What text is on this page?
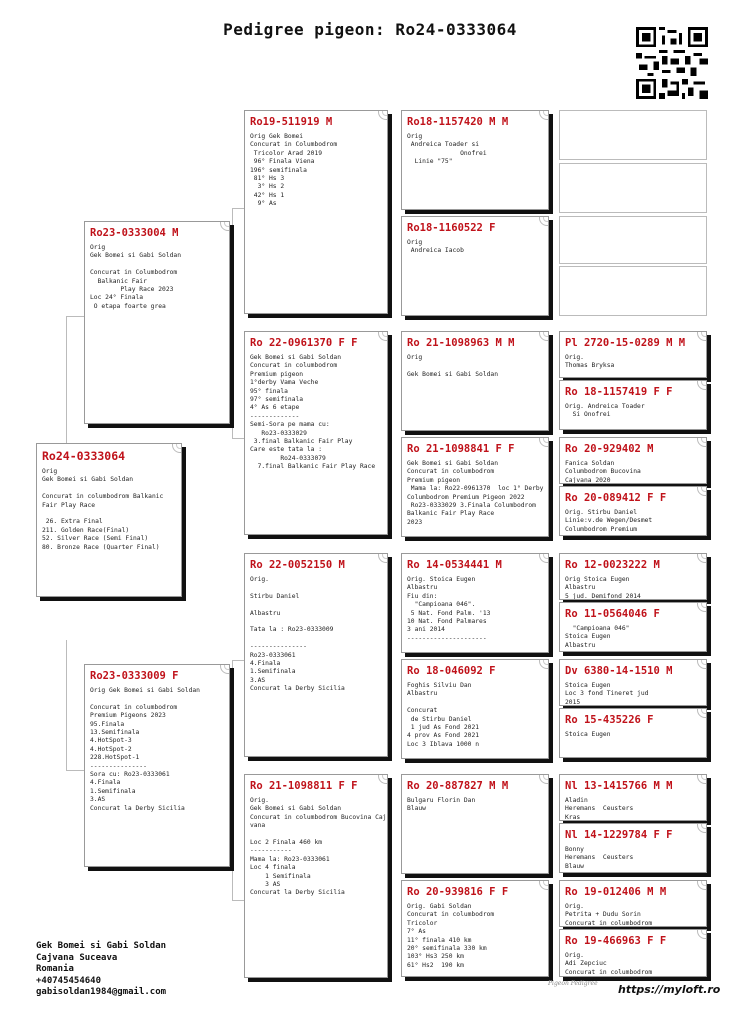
Pedigree pigeon: Ro24-0333064
Ro24-0333064
Orig
Gek Bomei si Gabi Soldan

Concurat in columbodrom Balkanic
Fair Play Race

26. Extra Final
211. Golden Race(Final)
52. Silver Race (Semi Final)
80. Bronze Race (Quarter Final)
Ro23-0333004 M
Orig
Gek Bomei si Gabi Soldan

Concurat in Columbodrom
Balkanic Fair
Play Race 2023
Loc 24° Finala
O etapa foarte grea
Ro23-0333009 F
Orig Gek Bomei si Gabi Soldan

Concurat in columbodrom
Premium Pigeons 2023
95.Finala
13.Semifinala
4.HotSpot-3
4.HotSpot-2
228.HotSpot-1
---------------
Sora cu: Ro23-0333061
4.Finala
1.Semifinala
3.AS
Concurat la Derby Sicilia
Ro19-511919 M
Orig Gek Bomei
Concurat in Columbodrom
Tricolor Arad 2019
96° Finala Viena
196° semifinala
81° Hs 3
3° Hs 2
42° Hs 1
9° As
Ro 22-0961370 F F
Gek Bomei si Gabi Soldan
Concurat in columbodrom
Premium pigeon
1°derby Vama Veche
95° finala
97° semifinala
4° As 6 etape
-------------
Semi-Sora pe mama cu:
Ro23-0333029
3.final Balkanic Fair Play
Care este tata la :
Ro24-0333079
7.final Balkanic Fair Play Race
Ro 22-0052150 M
Orig.

Stirbu Daniel

Albastru

Tata la : Ro23-0333009

---------------
Ro23-0333061
4.Finala
1.Semifinala
3.AS
Concurat la Derby Sicilia
Ro 21-1098811 F F
Orig.
Gek Bomei si Gabi Soldan
Concurat in columbodrom Bucovina Caj
vana

Loc 2 Finala 460 km
-----------
Mama la: Ro23-0333061
Loc 4 finala
1 Semifinala
3 AS
Concurat la Derby Sicilia
Ro18-1157420 M M
Orig
Andreica Toader si
Onofrei
Linie "75"
Ro18-1160522 F
Orig
Andreica Iacob
Ro 21-1098963 M M
Orig

Gek Bomei si Gabi Soldan
Ro 21-1098841 F F
Gek Bomei si Gabi Soldan
Concurat in columbodrom
Premium pigeon
Mama la: Ro22-0961370  loc 1° Derby
Columbodrom Premium Pigeon 2022
Ro23-0333029 3.Finala Columbodrom
Balkanic Fair Play Race
2023
Ro 14-0534441 M
Orig. Stoica Eugen
Albastru
Fiu din:
"Campioana 046".
5 Nat. Fond Palm. '13
10 Nat. Fond Palmares
3 ani 2014
---------------------
Ro 18-046092 F
Foghis Silviu Dan
Albastru

Concurat
de Stirbu Daniel
1 jud As Fond 2021
4 prov As Fond 2021
Loc 3 Iblava 1000 n
Ro 20-887827 M M
Bulgaru Florin Dan
Blauw
Ro 20-939816 F F
Orig. Gabi Soldan
Concurat in columbodrom
Tricolor
7° As
11° finala 410 km
20° semifinala 330 km
103° Hs3 250 km
61° Hs2  190 km
Pl 2720-15-0289 M M
Orig.
Thomas Bryksa
Ro 18-1157419 F F
Orig. Andreica Toader
Si Onofrei
Ro 20-929402 M
Fanica Soldan
Columbodrom Bucovina
Cajvana 2020
Ro 20-089412 F F
Orig. Stirbu Daniel
Linie:v.de Wegen/Desmet
Columbodrom Premium
Ro 12-0023222 M
Orig Stoica Eugen
Albastru
5 jud. Demifond 2014
Ro 11-0564046 F
"Campioana 046"
Stoica Eugen
Albastru
Dv 6380-14-1510 M
Stoica Eugen
Loc 3 fond Tineret jud
2015
Ro 15-435226 F
Stoica Eugen
Nl 13-1415766 M M
Aladin
Heremans  Ceusters
Kras
Nl 14-1229784 F F
Bonny
Heremans  Ceusters
Blauw
Ro 19-012406 M M
Orig.
Petrita + Dudu Sorin
Concurat in columbodrom
Ro 19-466963 F F
Orig.
Adi Zepciuc
Concurat in columbodrom
Gek Bomei si Gabi Soldan
Cajvana Suceava
Romania
+40745454640
gabisoldan1984@gmail.com
Pigeon Pedigree https://myloft.ro
